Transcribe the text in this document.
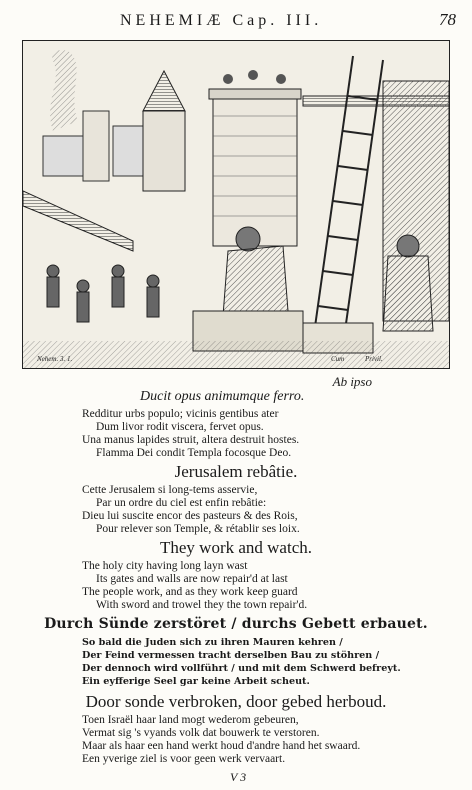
NEHEMIÆ Cap. III.	78
Nehem. 3. 1.	Cum	Privil.
Ab ipso
Ducit opus animumque ferro.
Redditur urbs populo; vicinis gentibus ater
Dum livor rodit viscera, fervet opus.
Una manus lapides struit, altera destruit hostes.
Flamma Dei condit Templa focosque Deo.
Jerusalem rebâtie.
Cette Jerusalem si long-tems asservie,
Par un ordre du ciel est enfin rebâtie:
Dieu lui suscite encor des pasteurs & des Rois,
Pour relever son Temple, & rétablir ses loix.
They work and watch.
The holy city having long layn wast
Its gates and walls are now repair'd at last
The people work, and as they work keep guard
With sword and trowel they the town repair'd.
Durch Sünde zerstöret / durchs Gebett erbauet.
So bald die Juden sich zu ihren Mauren kehren /
Der Feind vermessen tracht derselben Bau zu stöhren /
Der dennoch wird vollführt / und mit dem Schwerd befreyt.
Ein eyfferige Seel gar keine Arbeit scheut.
Door sonde verbroken, door gebed herboud.
Toen Israël haar land mogt wederom gebeuren,
Vermat sig 's vyands volk dat bouwerk te verstoren.
Maar als haar een hand werkt houd d'andre hand het swaard.
Een yverige ziel is voor geen werk vervaart.
V 3
